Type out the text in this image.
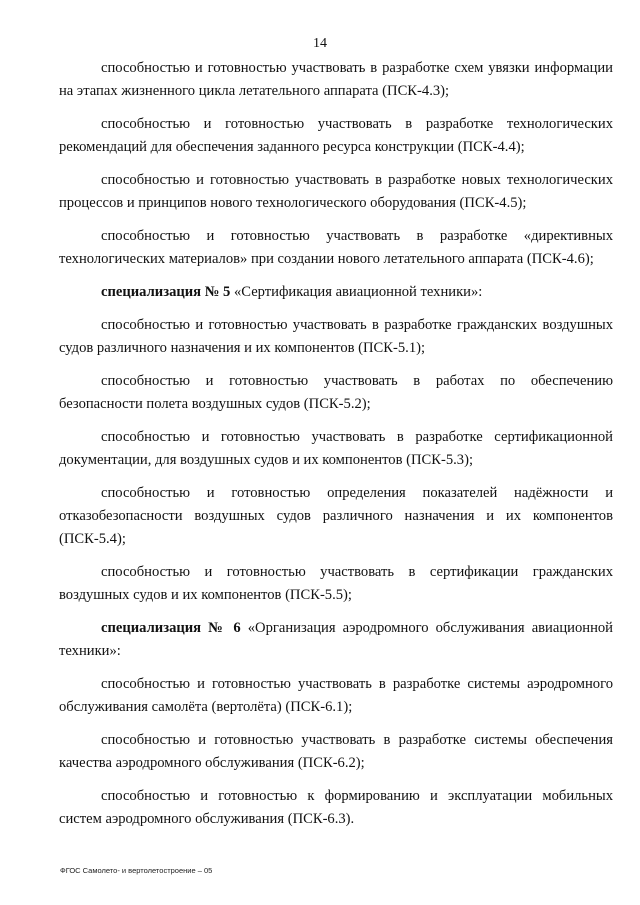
14

способностью и готовностью участвовать в разработке схем увязки информации на этапах жизненного цикла летательного аппарата (ПСК-4.3);

способностью и готовностью участвовать в разработке технологических рекомендаций для обеспечения заданного ресурса конструкции (ПСК-4.4);

способностью и готовностью участвовать в разработке новых технологических процессов и принципов нового технологического оборудования (ПСК-4.5);

способностью и готовностью участвовать в разработке «директивных технологических материалов» при создании нового летательного аппарата (ПСК-4.6);

специализация № 5 «Сертификация авиационной техники»:

способностью и готовностью участвовать в разработке гражданских воздушных судов различного назначения и их компонентов (ПСК-5.1);

способностью и готовностью участвовать в работах по обеспечению безопасности полета воздушных судов (ПСК-5.2);

способностью и готовностью участвовать в разработке сертификационной документации, для воздушных судов и их компонентов (ПСК-5.3);

способностью и готовностью определения показателей надёжности и отказобезопасности воздушных судов различного назначения и их компонентов (ПСК-5.4);

способностью и готовностью участвовать в сертификации гражданских воздушных судов и их компонентов (ПСК-5.5);

специализация № 6 «Организация аэродромного обслуживания авиационной техники»:

способностью и готовностью участвовать в разработке системы аэродромного обслуживания самолёта (вертолёта) (ПСК-6.1);

способностью и готовностью участвовать в разработке системы обеспечения качества аэродромного обслуживания (ПСК-6.2);

способностью и готовностью к формированию и эксплуатации мобильных систем аэродромного обслуживания (ПСК-6.3).

ФГОС Самолето- и вертолетостроение – 05
